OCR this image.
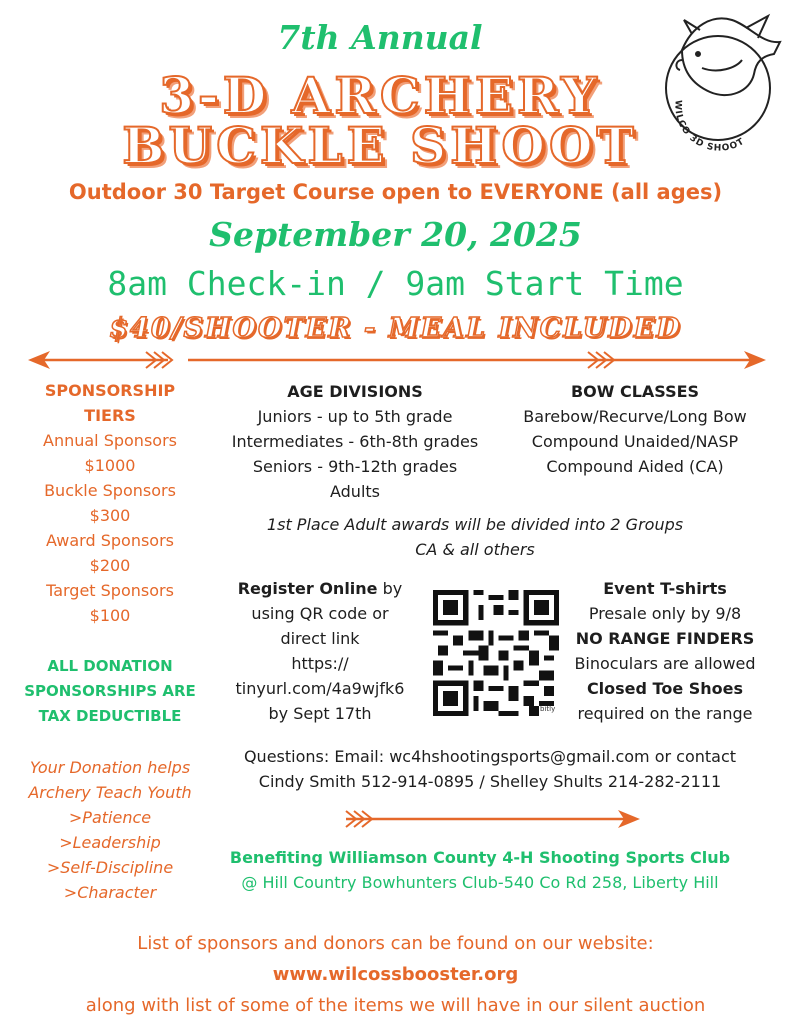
7th Annual
3-D ARCHERY
BUCKLE SHOOT
WILCO 3D SHOOT
Outdoor 30 Target Course open to EVERYONE (all ages)
September 20, 2025
8am Check-in / 9am Start Time
$40/SHOOTER - MEAL INCLUDED
SPONSORSHIP
TIERS
Annual Sponsors
$1000
Buckle Sponsors
$300
Award Sponsors
$200
Target Sponsors
$100
ALL DONATION
SPONSORSHIPS ARE
TAX DEDUCTIBLE
Your Donation helps
Archery Teach Youth
>Patience
>Leadership
>Self-Discipline
>Character
AGE DIVISIONS
Juniors - up to 5th grade
Intermediates - 6th-8th grades
Seniors - 9th-12th grades
Adults
BOW CLASSES
Barebow/Recurve/Long Bow
Compound Unaided/NASP
Compound Aided (CA)
1st Place Adult awards will be divided into 2 Groups
CA & all others
Register Online by
using QR code or
direct link
https://
tinyurl.com/4a9wjfk6
by Sept 17th	bitly
Event T-shirts
Presale only by 9/8
NO RANGE FINDERS
Binoculars are allowed
Closed Toe Shoes
required on the range
Questions: Email: wc4hshootingsports@gmail.com or contact
Cindy Smith 512-914-0895 / Shelley Shults 214-282-2111
Benefiting Williamson County 4-H Shooting Sports Club
@ Hill Country Bowhunters Club-540 Co Rd 258, Liberty Hill
List of sponsors and donors can be found on our website:
www.wilcossbooster.org
along with list of some of the items we will have in our silent auction
